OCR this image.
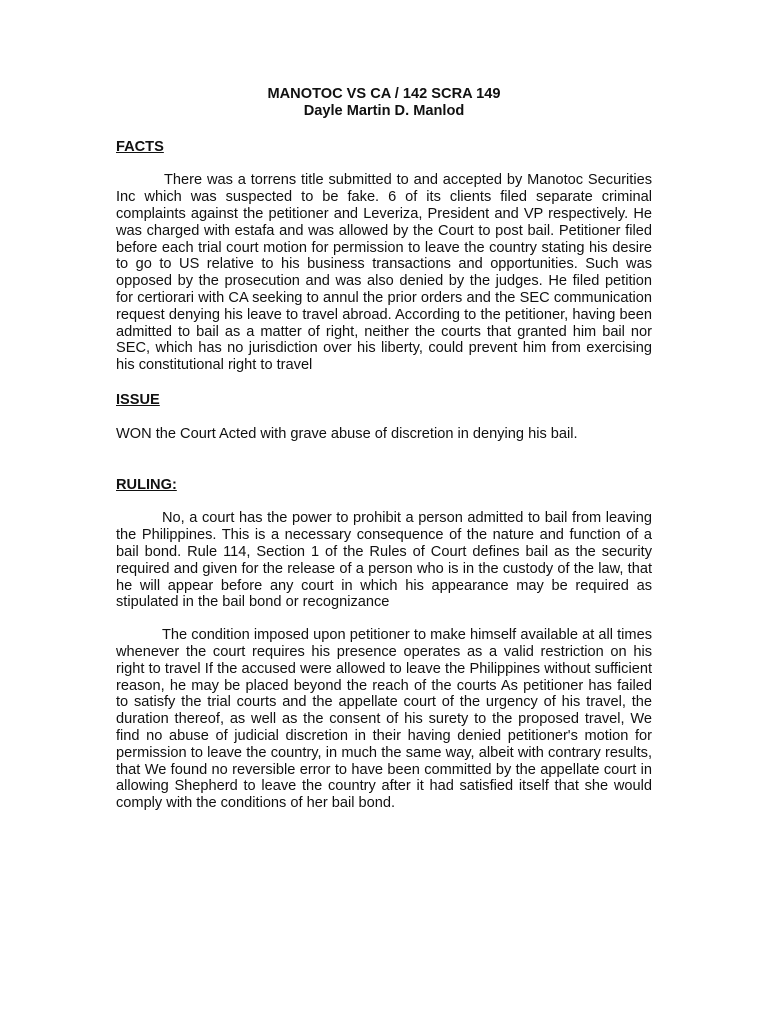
MANOTOC VS CA / 142 SCRA 149

Dayle Martin D. Manlod

FACTS

There was a torrens title submitted to and accepted by Manotoc Securities Inc which was suspected to be fake. 6 of its clients filed separate criminal complaints against the petitioner and Leveriza, President and VP respectively. He was charged with estafa and was allowed by the Court to post bail. Petitioner filed before each trial court motion for permission to leave the country stating his desire to go to US relative to his business transactions and opportunities. Such was opposed by the prosecution and was also denied by the judges. He filed petition for certiorari with CA seeking to annul the prior orders and the SEC communication request denying his leave to travel abroad. According to the petitioner, having been admitted to bail as a matter of right, neither the courts that granted him bail nor SEC, which has no jurisdiction over his liberty, could prevent him from exercising his constitutional right to travel

ISSUE

WON the Court Acted with grave abuse of discretion in denying his bail.

RULING:

No, a court has the power to prohibit a person admitted to bail from leaving the Philippines. This is a necessary consequence of the nature and function of a bail bond. Rule 114, Section 1 of the Rules of Court defines bail as the security required and given for the release of a person who is in the custody of the law, that he will appear before any court in which his appearance may be required as stipulated in the bail bond or recognizance

The condition imposed upon petitioner to make himself available at all times whenever the court requires his presence operates as a valid restriction on his right to travel If the accused were allowed to leave the Philippines without sufficient reason, he may be placed beyond the reach of the courts As petitioner has failed to satisfy the trial courts and the appellate court of the urgency of his travel, the duration thereof, as well as the consent of his surety to the proposed travel, We find no abuse of judicial discretion in their having denied petitioner's motion for permission to leave the country, in much the same way, albeit with contrary results, that We found no reversible error to have been committed by the appellate court in allowing Shepherd to leave the country after it had satisfied itself that she would comply with the conditions of her bail bond.
